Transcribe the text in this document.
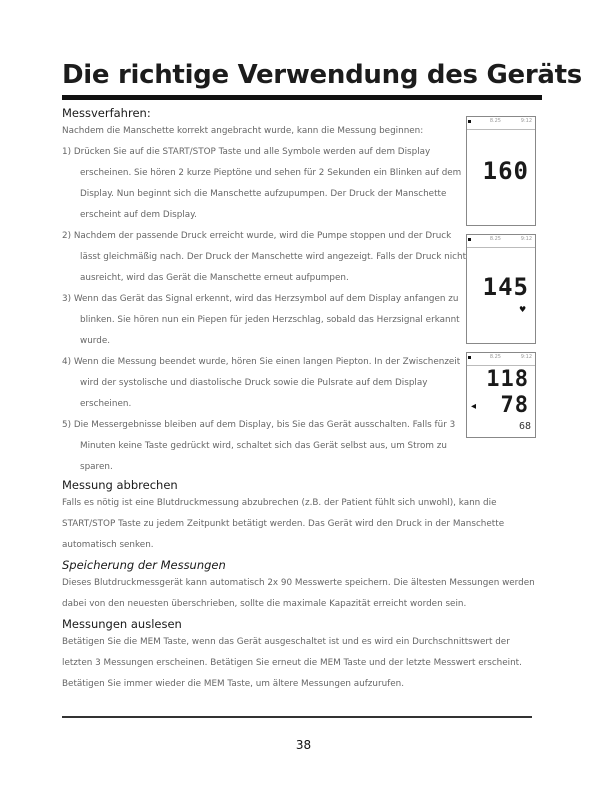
Die richtige Verwendung des Geräts
Messverfahren:

Nachdem die Manschette korrekt angebracht wurde, kann die Messung beginnen:

1) Drücken Sie auf die START/STOP Taste und alle Symbole werden auf dem Display erscheinen. Sie hören 2 kurze Pieptöne und sehen für 2 Sekunden ein Blinken auf dem Display. Nun beginnt sich die Manschette aufzupumpen. Der Druck der Manschette erscheint auf dem Display.

2) Nachdem der passende Druck erreicht wurde, wird die Pumpe stoppen und der Druck lässt gleichmäßig nach. Der Druck der Manschette wird angezeigt. Falls der Druck nicht ausreicht, wird das Gerät die Manschette erneut aufpumpen.

3) Wenn das Gerät das Signal erkennt, wird das Herzsymbol auf dem Display anfangen zu blinken. Sie hören nun ein Piepen für jeden Herzschlag, sobald das Herzsignal erkannt wurde.

4) Wenn die Messung beendet wurde, hören Sie einen langen Piepton. In der Zwischenzeit wird der systolische und diastolische Druck sowie die Pulsrate auf dem Display erscheinen.

5) Die Messergebnisse bleiben auf dem Display, bis Sie das Gerät ausschalten. Falls für 3 Minuten keine Taste gedrückt wird, schaltet sich das Gerät selbst aus, um Strom zu sparen.

Messung abbrechen

Falls es nötig ist eine Blutdruckmessung abzubrechen (z.B. der Patient fühlt sich unwohl), kann die START/STOP Taste zu jedem Zeitpunkt betätigt werden. Das Gerät wird den Druck in der Manschette automatisch senken.

Speicherung der Messungen

Dieses Blutdruckmessgerät kann automatisch 2x 90 Messwerte speichern. Die ältesten Messungen werden dabei von den neuesten überschrieben, sollte die maximale Kapazität erreicht worden sein.

Messungen auslesen

Betätigen Sie die MEM Taste, wenn das Gerät ausgeschaltet ist und es wird ein Durchschnittswert der letzten 3 Messungen erscheinen. Betätigen Sie erneut die MEM Taste und der letzte Messwert erscheint. Betätigen Sie immer wieder die MEM Taste, um ältere Messungen aufzurufen.

8.25	9:12
160
8.25	9:12
145
♥
8.25	9:12
118
◂ 78
68
38
